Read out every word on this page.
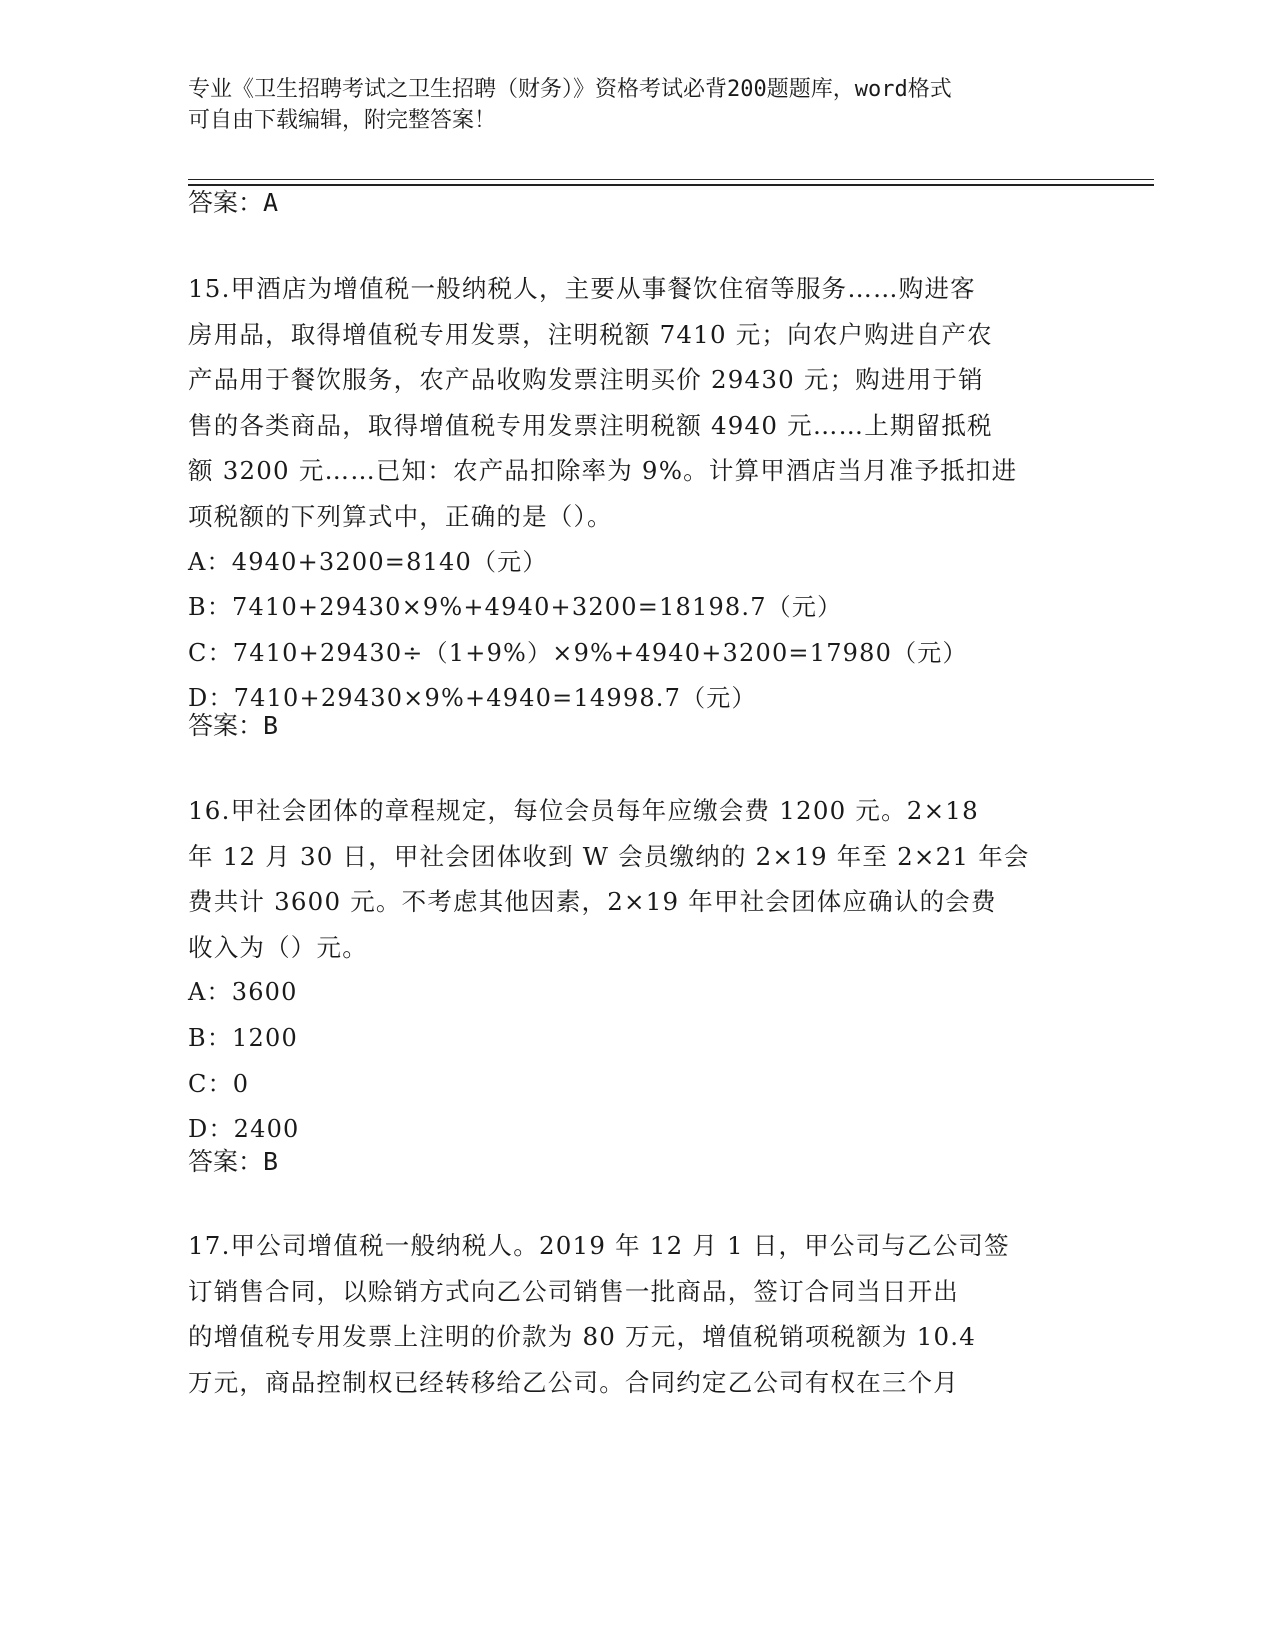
专业《卫生招聘考试之卫生招聘（财务）》资格考试必背200题题库，word格式
可自由下载编辑，附完整答案！
答案：A
15.甲酒店为增值税一般纳税人，主要从事餐饮住宿等服务……购进客
房用品，取得增值税专用发票，注明税额 7410 元；向农户购进自产农
产品用于餐饮服务，农产品收购发票注明买价 29430 元；购进用于销
售的各类商品，取得增值税专用发票注明税额 4940 元……上期留抵税
额 3200 元……已知：农产品扣除率为 9%。计算甲酒店当月准予抵扣进
项税额的下列算式中，正确的是（）。
A：4940+3200=8140（元）
B：7410+29430×9%+4940+3200=18198.7（元）
C：7410+29430÷（1+9%）×9%+4940+3200=17980（元）
D：7410+29430×9%+4940=14998.7（元）
答案：B
16.甲社会团体的章程规定，每位会员每年应缴会费 1200 元。2×18
年 12 月 30 日，甲社会团体收到 W 会员缴纳的 2×19 年至 2×21 年会
费共计 3600 元。不考虑其他因素，2×19 年甲社会团体应确认的会费
收入为（）元。
A：3600
B：1200
C：0
D：2400
答案：B
17.甲公司增值税一般纳税人。2019 年 12 月 1 日，甲公司与乙公司签
订销售合同，以赊销方式向乙公司销售一批商品，签订合同当日开出
的增值税专用发票上注明的价款为 80 万元，增值税销项税额为 10.4
万元，商品控制权已经转移给乙公司。合同约定乙公司有权在三个月
